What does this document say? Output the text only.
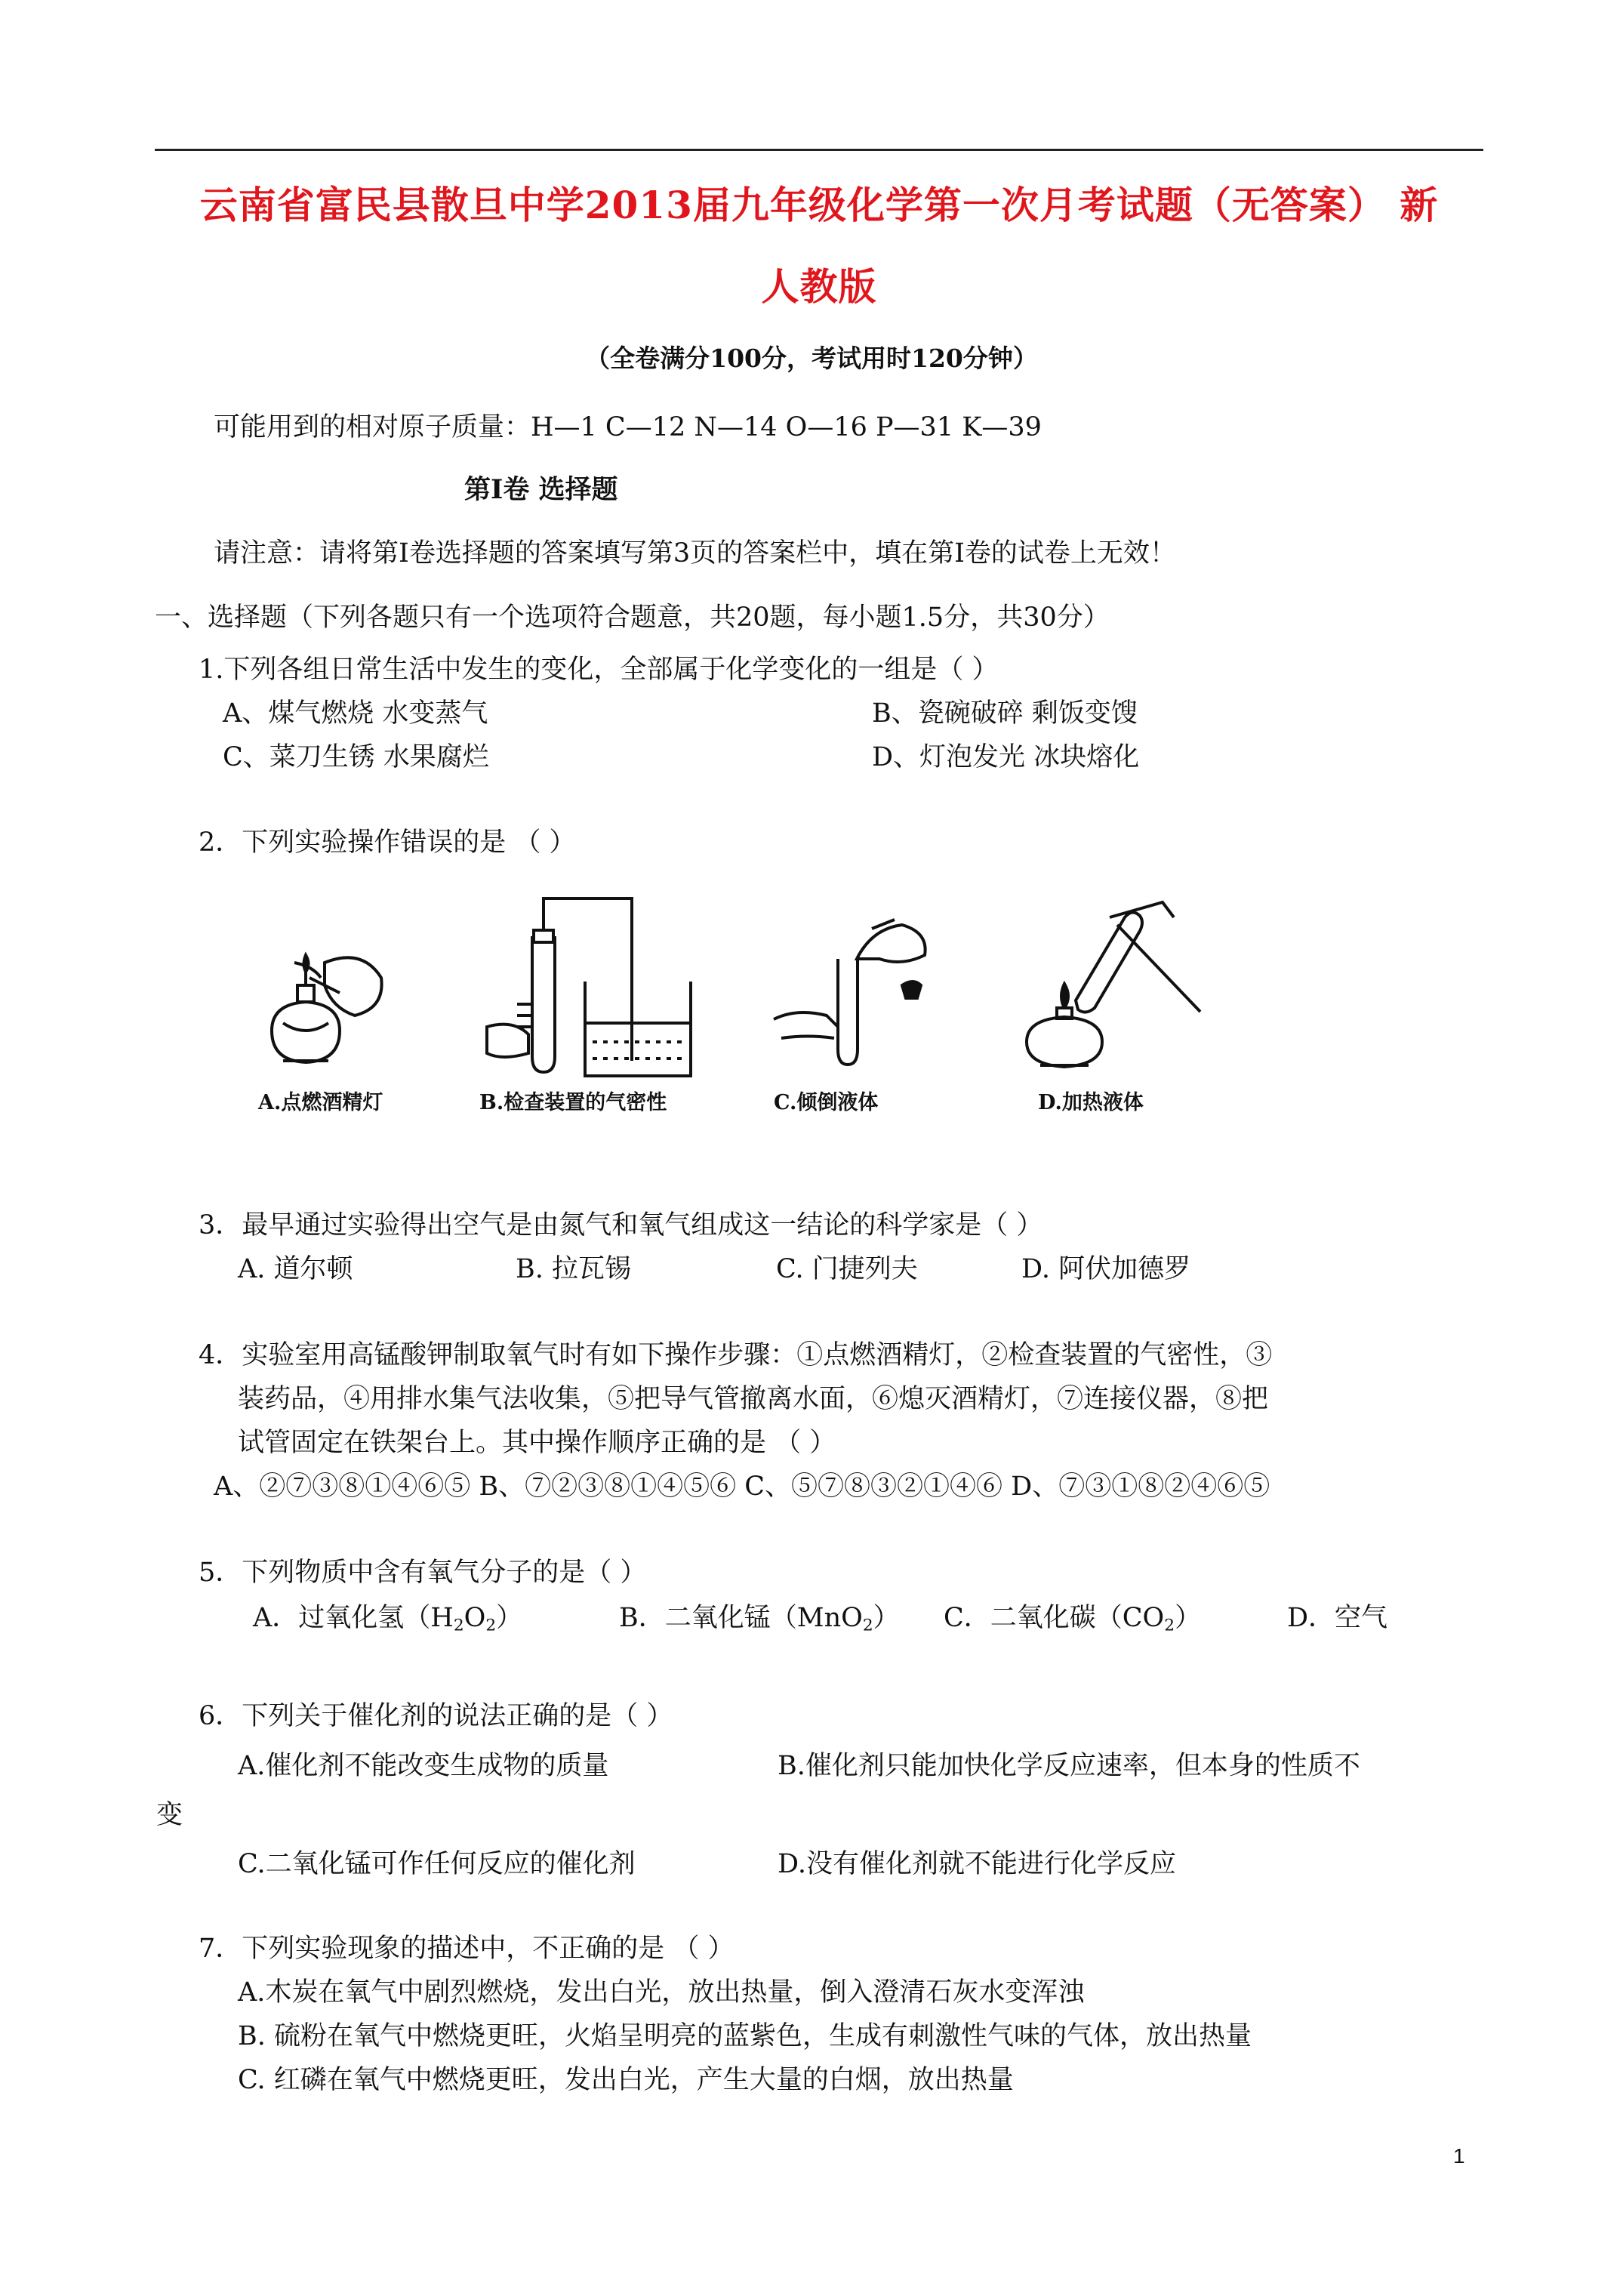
云南省富民县散旦中学2013届九年级化学第一次月考试题（无答案） 新
人教版
（全卷满分100分，考试用时120分钟）
可能用到的相对原子质量：H—1 C—12 N—14 O—16 P—31 K—39
第Ⅰ卷 选择题
请注意：请将第Ⅰ卷选择题的答案填写第3页的答案栏中，填在第Ⅰ卷的试卷上无效！
一、选择题（下列各题只有一个选项符合题意，共20题，每小题1.5分，共30分）
1.下列各组日常生活中发生的变化，全部属于化学变化的一组是（ ）
A、煤气燃烧 水变蒸气	B、瓷碗破碎 剩饭变馊
C、菜刀生锈 水果腐烂	D、灯泡发光 冰块熔化
2．下列实验操作错误的是 （ ）
A.点燃酒精灯	B.检查装置的气密性	C.倾倒液体	D.加热液体
3．最早通过实验得出空气是由氮气和氧气组成这一结论的科学家是（ ）
A. 道尔顿	B. 拉瓦锡	C. 门捷列夫	D. 阿伏加德罗
4．实验室用高锰酸钾制取氧气时有如下操作步骤：①点燃酒精灯，②检查装置的气密性，③
装药品，④用排水集气法收集，⑤把导气管撤离水面，⑥熄灭酒精灯，⑦连接仪器，⑧把
试管固定在铁架台上。其中操作顺序正确的是 （ ）
A、②⑦③⑧①④⑥⑤ B、⑦②③⑧①④⑤⑥ C、⑤⑦⑧③②①④⑥ D、⑦③①⑧②④⑥⑤
5．下列物质中含有氧气分子的是（ ）
A．过氧化氢$(H_2O_2)$	B．二氧化锰（MnO$_2$） C．二氧化碳$(CO_2)$	D．空气
6．下列关于催化剂的说法正确的是（ ）
A.催化剂不能改变生成物的质量	B.催化剂只能加快化学反应速率，但本身的性质不
变
C.二氧化锰可作任何反应的催化剂	D.没有催化剂就不能进行化学反应
7．下列实验现象的描述中，不正确的是 （ ）
A.木炭在氧气中剧烈燃烧，发出白光，放出热量，倒入澄清石灰水变浑浊
B. 硫粉在氧气中燃烧更旺，火焰呈明亮的蓝紫色，生成有刺激性气味的气体，放出热量
C. 红磷在氧气中燃烧更旺，发出白光，产生大量的白烟，放出热量
1
